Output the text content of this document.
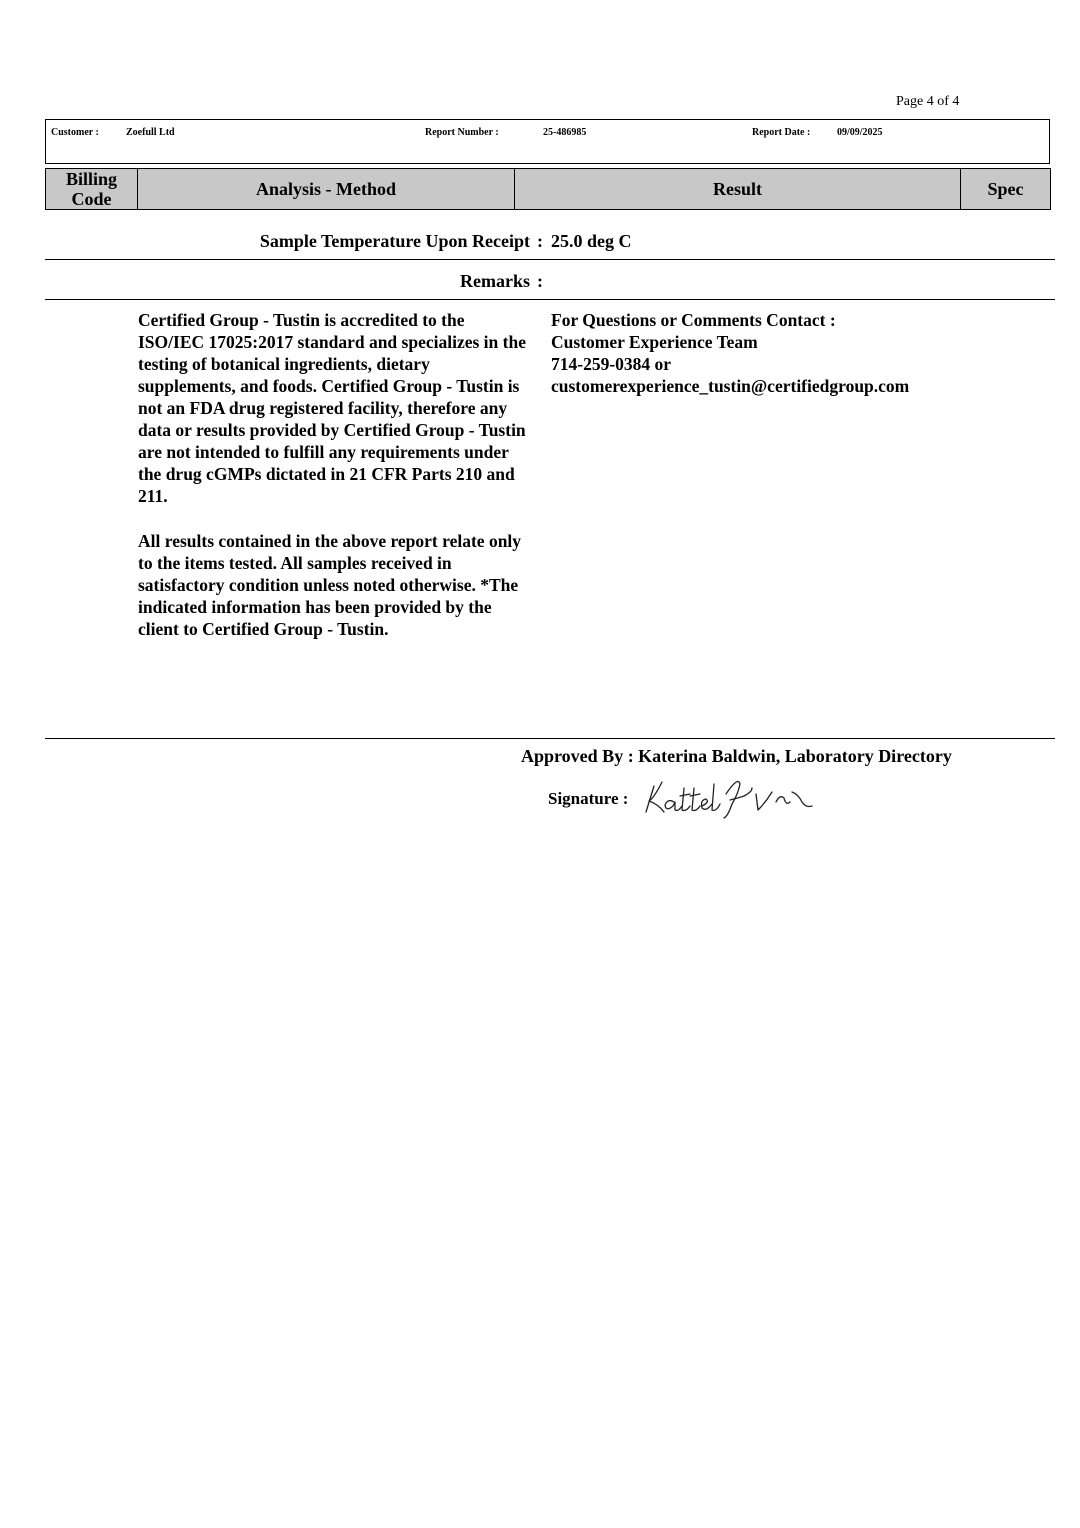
Page 4 of 4
Customer :	Zoefull Ltd	Report Number :	25-486985	Report Date :	09/09/2025
Billing
Code	Analysis - Method	Result	Spec
Sample Temperature Upon Receipt : 25.0 deg C
Remarks :

Certified Group - Tustin is accredited to the
ISO/IEC 17025:2017 standard and specializes in the
testing of botanical ingredients, dietary
supplements, and foods. Certified Group - Tustin is
not an FDA drug registered facility, therefore any
data or results provided by Certified Group - Tustin
are not intended to fulfill any requirements under
the drug cGMPs dictated in 21 CFR Parts 210 and
211.

All results contained in the above report relate only
to the items tested. All samples received in
satisfactory condition unless noted otherwise. *The
indicated information has been provided by the
client to Certified Group - Tustin.

For Questions or Comments Contact :

Customer Experience Team

714-259-0384 or

customerexperience_tustin@certifiedgroup.com

Approved By : Katerina Baldwin, Laboratory Directory
Signature :
